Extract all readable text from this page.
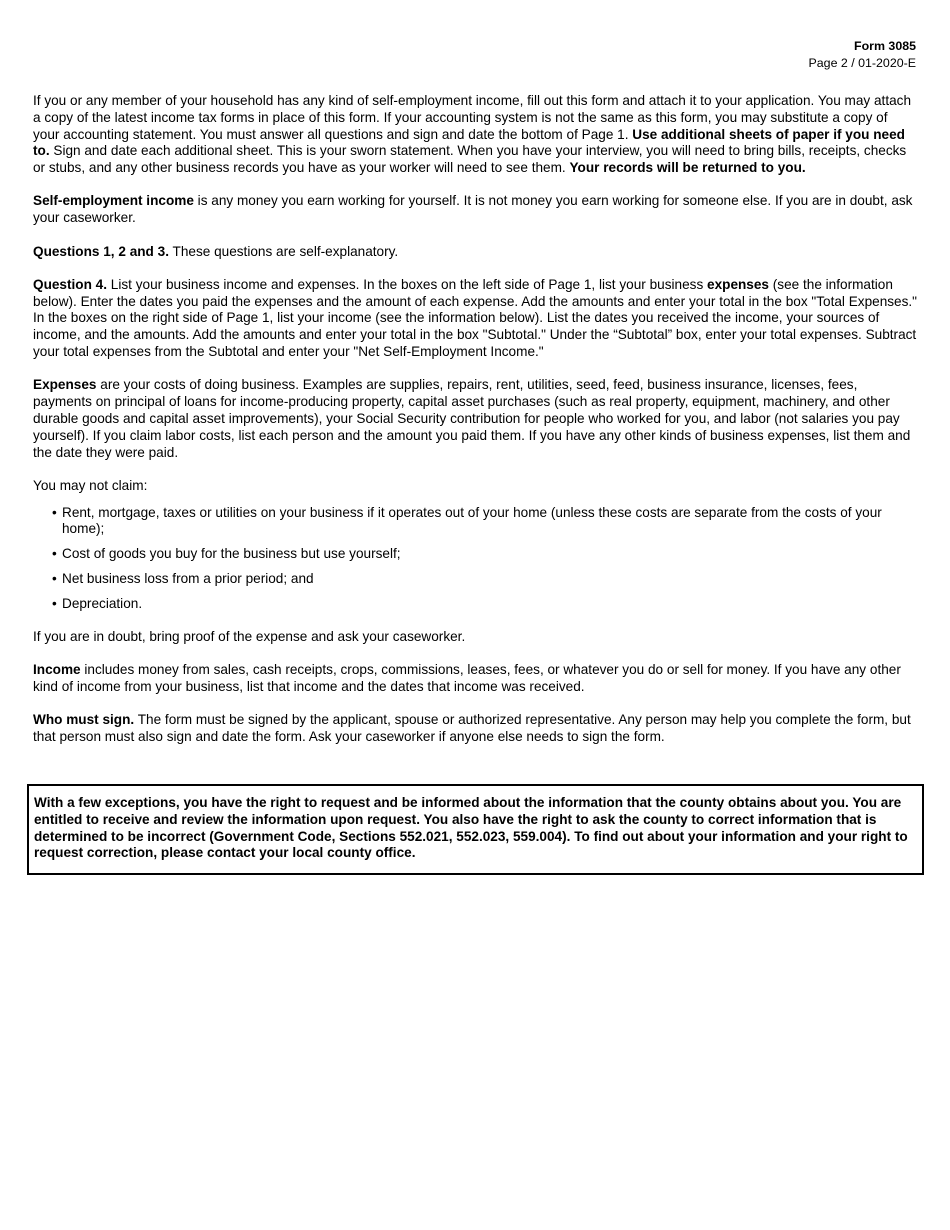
Form 3085
Page 2 / 01-2020-E

If you or any member of your household has any kind of self-employment income, fill out this form and attach it to your application. You may attach a copy of the latest income tax forms in place of this form. If your accounting system is not the same as this form, you may substitute a copy of your accounting statement. You must answer all questions and sign and date the bottom of Page 1. Use additional sheets of paper if you need to. Sign and date each additional sheet. This is your sworn statement. When you have your interview, you will need to bring bills, receipts, checks or stubs, and any other business records you have as your worker will need to see them. Your records will be returned to you.

Self-employment income is any money you earn working for yourself. It is not money you earn working for someone else. If you are in doubt, ask your caseworker.

Questions 1, 2 and 3. These questions are self-explanatory.

Question 4. List your business income and expenses. In the boxes on the left side of Page 1, list your business expenses (see the information below). Enter the dates you paid the expenses and the amount of each expense. Add the amounts and enter your total in the box "Total Expenses." In the boxes on the right side of Page 1, list your income (see the information below). List the dates you received the income, your sources of income, and the amounts. Add the amounts and enter your total in the box "Subtotal." Under the “Subtotal” box, enter your total expenses. Subtract your total expenses from the Subtotal and enter your "Net Self-Employment Income."

Expenses are your costs of doing business. Examples are supplies, repairs, rent, utilities, seed, feed, business insurance, licenses, fees, payments on principal of loans for income-producing property, capital asset purchases (such as real property, equipment, machinery, and other durable goods and capital asset improvements), your Social Security contribution for people who worked for you, and labor (not salaries you pay yourself). If you claim labor costs, list each person and the amount you paid them. If you have any other kinds of business expenses, list them and the date they were paid.

You may not claim:

• Rent, mortgage, taxes or utilities on your business if it operates out of your home (unless these costs are separate from the costs of your home);
• Cost of goods you buy for the business but use yourself;
• Net business loss from a prior period; and
• Depreciation.

If you are in doubt, bring proof of the expense and ask your caseworker.

Income includes money from sales, cash receipts, crops, commissions, leases, fees, or whatever you do or sell for money. If you have any other kind of income from your business, list that income and the dates that income was received.

Who must sign. The form must be signed by the applicant, spouse or authorized representative. Any person may help you complete the form, but that person must also sign and date the form. Ask your caseworker if anyone else needs to sign the form.

With a few exceptions, you have the right to request and be informed about the information that the county obtains about you. You are entitled to receive and review the information upon request. You also have the right to ask the county to correct information that is determined to be incorrect (Government Code, Sections 552.021, 552.023, 559.004). To find out about your information and your right to request correction, please contact your local county office.
